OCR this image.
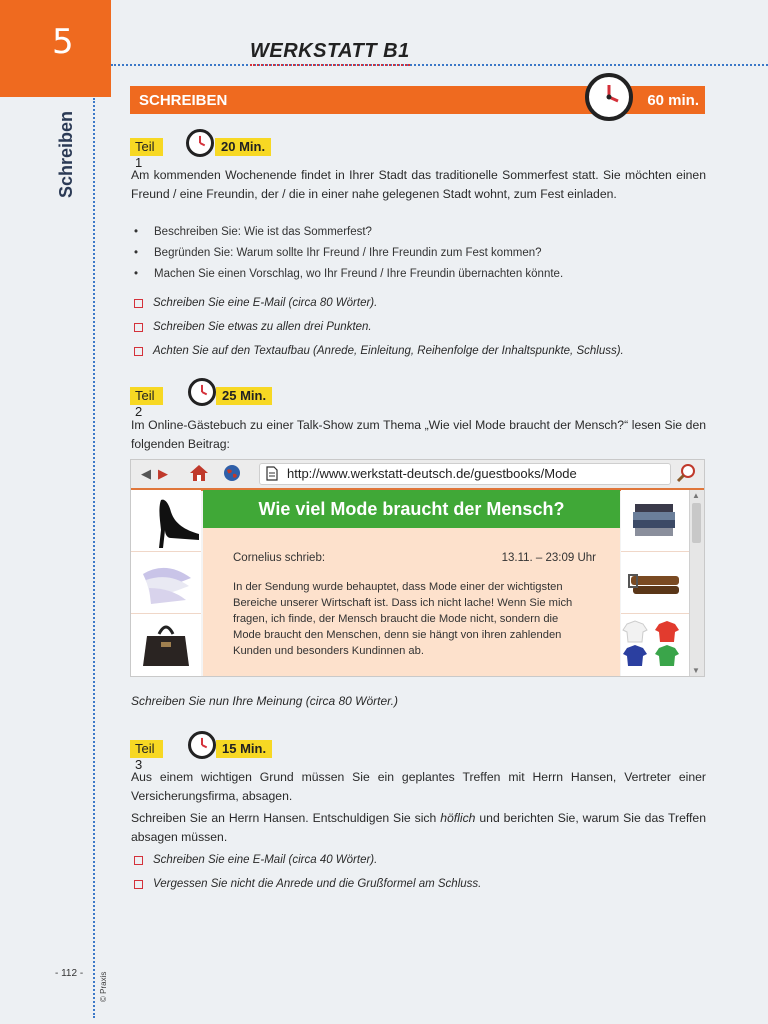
5
Schreiben
WERKSTATT B1
SCHREIBEN	60 min.
Teil 1
20 Min.
Am kommenden Wochenende findet in Ihrer Stadt das traditionelle Sommerfest statt. Sie möchten einen Freund / eine Freundin, der / die in einer nahe gelegenen Stadt wohnt, zum Fest einladen.
• Beschreiben Sie: Wie ist das Sommerfest?
• Begründen Sie: Warum sollte Ihr Freund / Ihre Freundin zum Fest kommen?
• Machen Sie einen Vorschlag, wo Ihr Freund / Ihre Freundin übernachten könnte.
Schreiben Sie eine E-Mail (circa 80 Wörter).
Schreiben Sie etwas zu allen drei Punkten.
Achten Sie auf den Textaufbau (Anrede, Einleitung, Reihenfolge der Inhaltspunkte, Schluss).
Teil 2
25 Min.
Im Online-Gästebuch zu einer Talk-Show zum Thema „Wie viel Mode braucht der Mensch?“ lesen Sie den folgenden Beitrag:
◀ ▶	http://www.werkstatt-deutsch.de/guestbooks/Mode
Wie viel Mode braucht der Mensch?
Cornelius schrieb:	13.11. – 23:09 Uhr
In der Sendung wurde behauptet, dass Mode einer der wichtigsten Bereiche unserer Wirtschaft ist. Dass ich nicht lache! Wenn Sie mich fragen, ich finde, der Mensch braucht die Mode nicht, sondern die Mode braucht den Menschen, denn sie hängt von ihren zahlenden Kunden und besonders Kundinnen ab.
▲
▼
Schreiben Sie nun Ihre Meinung (circa 80 Wörter.)
Teil 3
15 Min.
Aus einem wichtigen Grund müssen Sie ein geplantes Treffen mit Herrn Hansen, Vertreter einer Versicherungsfirma, absagen.
Schreiben Sie an Herrn Hansen. Entschuldigen Sie sich höflich und berichten Sie, warum Sie das Treffen absagen müssen.
Schreiben Sie eine E-Mail (circa 40 Wörter).
Vergessen Sie nicht die Anrede und die Grußformel am Schluss.
- 112 - © Praxis
